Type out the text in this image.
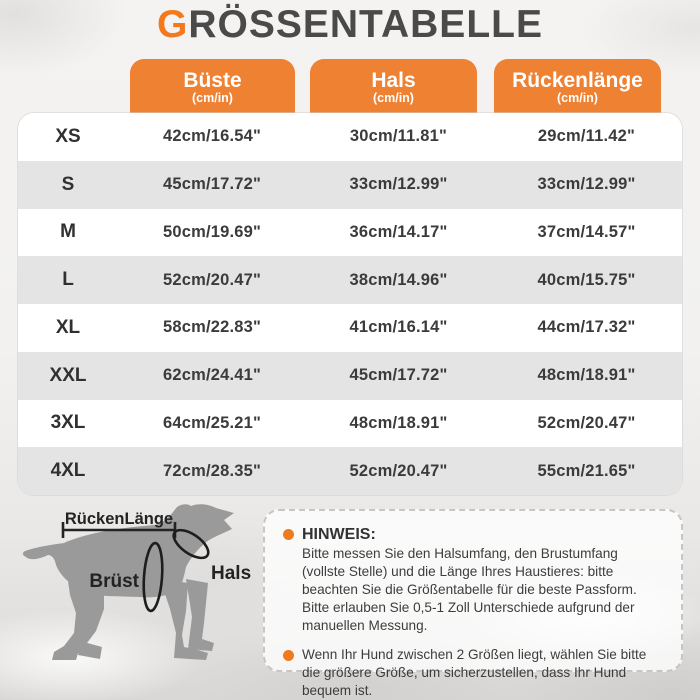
GRÖSSENTABELLE
Büste
(cm/in)
Hals
(cm/in)
Rückenlänge
(cm/in)
XS	42cm/16.54"	30cm/11.81"	29cm/11.42"
S	45cm/17.72"	33cm/12.99"	33cm/12.99"
M	50cm/19.69"	36cm/14.17"	37cm/14.57"
L	52cm/20.47"	38cm/14.96"	40cm/15.75"
XL	58cm/22.83"	41cm/16.14"	44cm/17.32"
XXL	62cm/24.41"	45cm/17.72"	48cm/18.91"
3XL	64cm/25.21"	48cm/18.91"	52cm/20.47"
4XL	72cm/28.35"	52cm/20.47"	55cm/21.65"
RückenLänge
Brüst	Hals
HINWEIS:

Bitte messen Sie den Halsumfang, den Brustumfang (vollste Stelle) und die Länge Ihres Haustieres: bitte beachten Sie die Größentabelle für die beste Passform. Bitte erlauben Sie 0,5-1 Zoll Unterschiede aufgrund der manuellen Messung.

Wenn Ihr Hund zwischen 2 Größen liegt, wählen Sie bitte die größere Größe, um sicherzustellen, dass Ihr Hund bequem ist.
